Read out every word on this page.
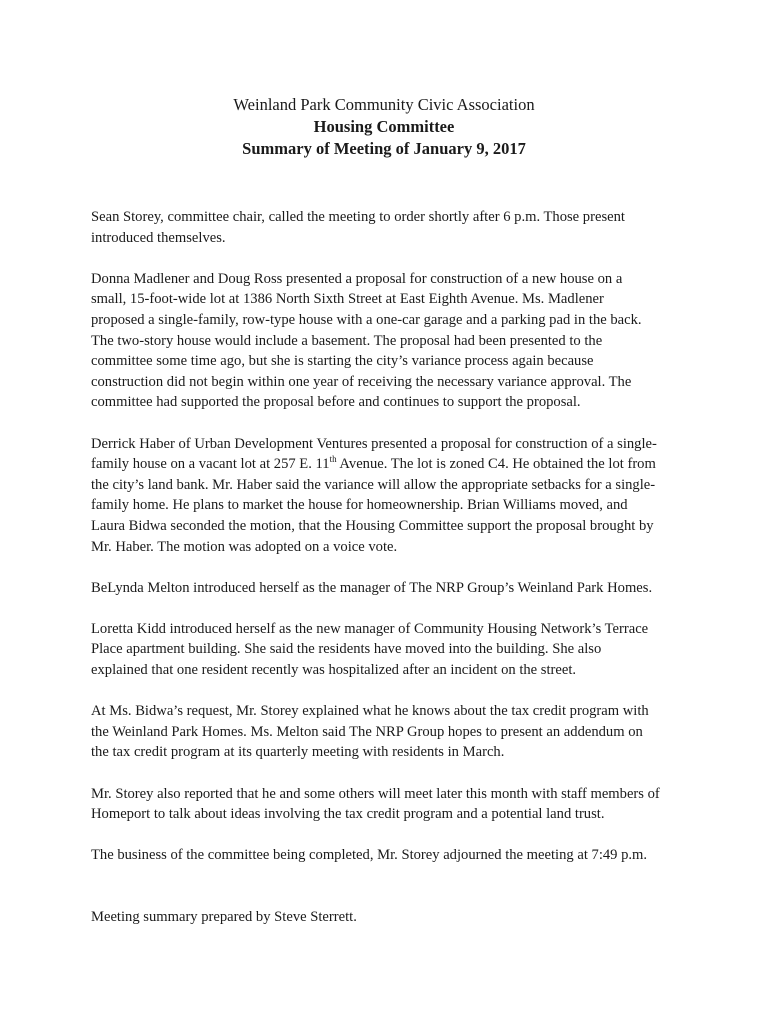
Weinland Park Community Civic Association

Housing Committee

Summary of Meeting of January 9, 2017

Sean Storey, committee chair, called the meeting to order shortly after 6 p.m. Those present
introduced themselves.

Donna Madlener and Doug Ross presented a proposal for construction of a new house on a
small, 15-foot-wide lot at 1386 North Sixth Street at East Eighth Avenue. Ms. Madlener
proposed a single-family, row-type house with a one-car garage and a parking pad in the back.
The two-story house would include a basement. The proposal had been presented to the
committee some time ago, but she is starting the city’s variance process again because
construction did not begin within one year of receiving the necessary variance approval. The
committee had supported the proposal before and continues to support the proposal.

Derrick Haber of Urban Development Ventures presented a proposal for construction of a single-
family house on a vacant lot at 257 E. 11th Avenue. The lot is zoned C4. He obtained the lot from
the city’s land bank. Mr. Haber said the variance will allow the appropriate setbacks for a single-
family home. He plans to market the house for homeownership. Brian Williams moved, and
Laura Bidwa seconded the motion, that the Housing Committee support the proposal brought by
Mr. Haber. The motion was adopted on a voice vote.

BeLynda Melton introduced herself as the manager of The NRP Group’s Weinland Park Homes.

Loretta Kidd introduced herself as the new manager of Community Housing Network’s Terrace
Place apartment building. She said the residents have moved into the building. She also
explained that one resident recently was hospitalized after an incident on the street.

At Ms. Bidwa’s request, Mr. Storey explained what he knows about the tax credit program with
the Weinland Park Homes. Ms. Melton said The NRP Group hopes to present an addendum on
the tax credit program at its quarterly meeting with residents in March.

Mr. Storey also reported that he and some others will meet later this month with staff members of
Homeport to talk about ideas involving the tax credit program and a potential land trust.

The business of the committee being completed, Mr. Storey adjourned the meeting at 7:49 p.m.

Meeting summary prepared by Steve Sterrett.
